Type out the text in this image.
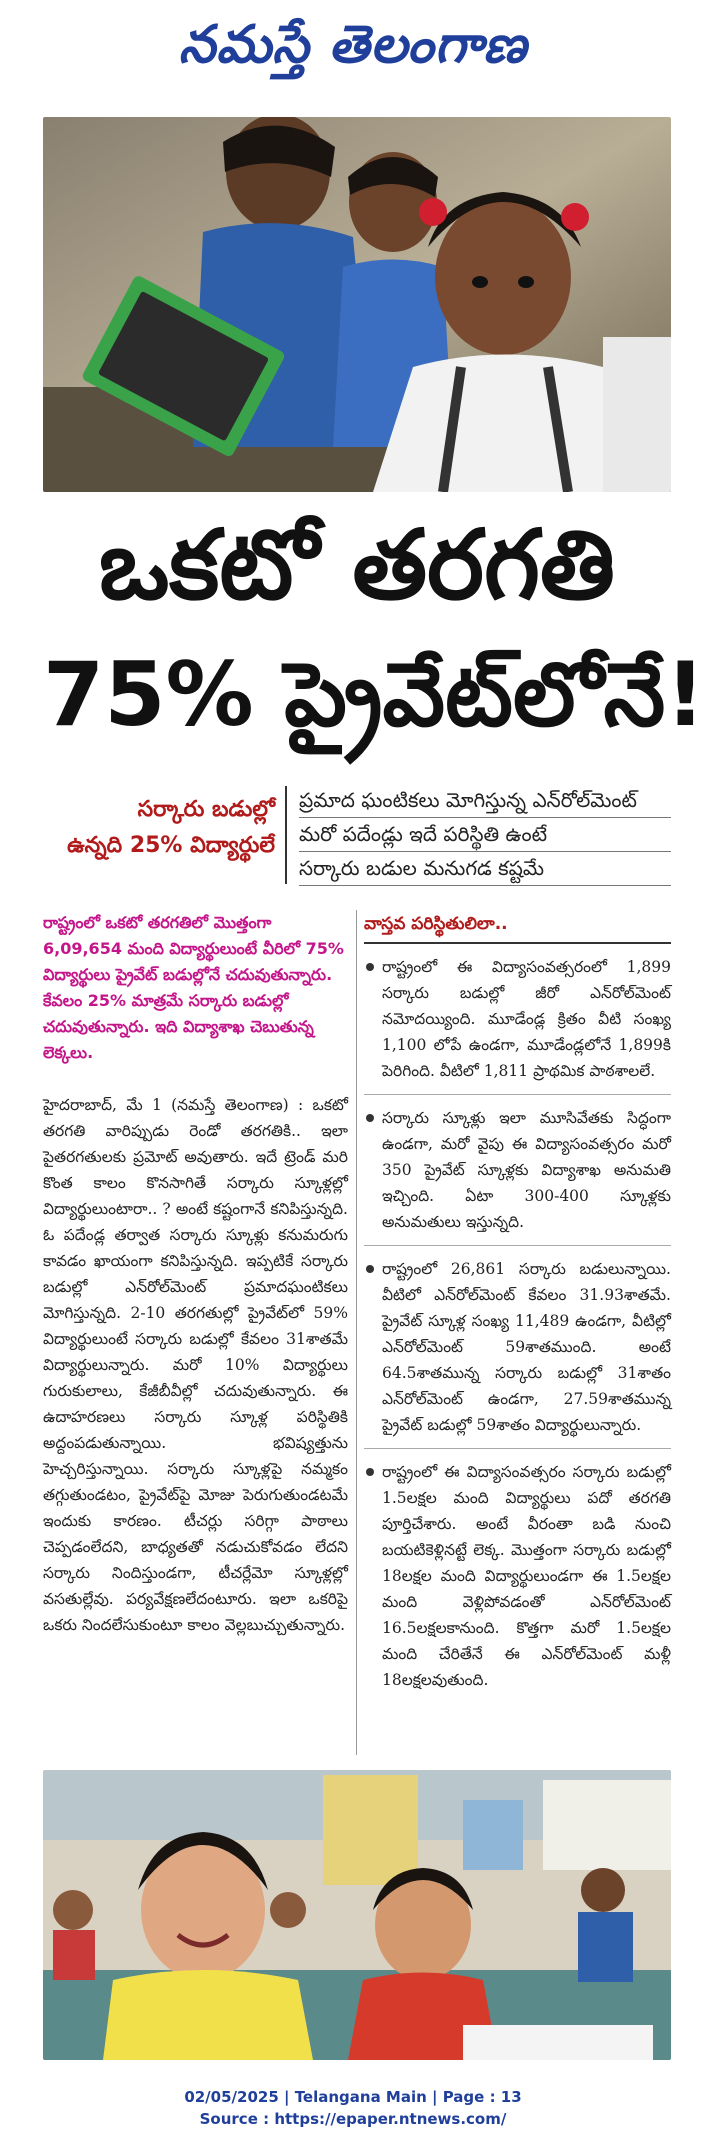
నమస్తే తెలంగాణ
ఒకటో తరగతి
75% ప్రైవేట్‌లోనే!
సర్కారు బడుల్లో
ఉన్నది 25% విద్యార్థులే
ప్రమాద ఘంటికలు మోగిస్తున్న ఎన్‌రోల్‌మెంట్
మరో పదేండ్లు ఇదే పరిస్థితి ఉంటే
సర్కారు బడుల మనుగడ కష్టమే
రాష్ట్రంలో ఒకటో తరగతిలో మొత్తంగా 6,09,654 మంది విద్యార్థులుంటే వీరిలో 75% విద్యార్థులు ప్రైవేట్ బడుల్లోనే చదువుతున్నారు. కేవలం 25% మాత్రమే సర్కారు బడుల్లో చదువుతున్నారు. ఇది విద్యాశాఖ చెబుతున్న లెక్కలు.
హైదరాబాద్, మే 1 (నమస్తే తెలంగాణ) : ఒకటో తరగతి వారిప్పుడు రెండో తరగతికి.. ఇలా పైతరగతులకు ప్రమోట్ అవుతారు. ఇదే ట్రెండ్ మరి కొంత కాలం కొనసాగితే సర్కారు స్కూళ్లల్లో విద్యార్థులుంటారా.. ? అంటే కష్టంగానే కనిపిస్తున్నది. ఓ పదేండ్ల తర్వాత సర్కారు స్కూళ్లు కనుమరుగు కావడం ఖాయంగా కనిపిస్తున్నది. ఇప్పటికే సర్కారు బడుల్లో ఎన్‌రోల్‌మెంట్ ప్రమాదఘంటికలు మోగిస్తున్నది. 2-10 తరగతుల్లో ప్రైవేట్‌లో 59% విద్యార్థులుంటే సర్కారు బడుల్లో కేవలం 31శాతమే విద్యార్థులున్నారు. మరో 10% విద్యార్థులు గురుకులాలు, కేజీబీవీల్లో చదువుతున్నారు. ఈ ఉదాహరణలు సర్కారు స్కూళ్ల పరిస్థితికి అద్దంపడుతున్నాయి. భవిష్యత్తును హెచ్చరిస్తున్నాయి. సర్కారు స్కూళ్లపై నమ్మకం తగ్గుతుండటం, ప్రైవేట్‌పై మోజు పెరుగుతుండటమే ఇందుకు కారణం. టీచర్లు సరిగ్గా పాఠాలు చెప్పడంలేదని, బాధ్యతతో నడుచుకోవడం లేదని సర్కారు నిందిస్తుండగా, టీచర్లేమో స్కూళ్లల్లో వసతుల్లేవు. పర్యవేక్షణలేదంటూరు. ఇలా ఒకరిపై ఒకరు నిందలేసుకుంటూ కాలం వెల్లబుచ్చుతున్నారు.
వాస్తవ పరిస్థితులిలా..
రాష్ట్రంలో ఈ విద్యాసంవత్సరంలో 1,899 సర్కారు బడుల్లో జీరో ఎన్‌రోల్‌మెంట్ నమోదయ్యింది. మూడేండ్ల క్రితం వీటి సంఖ్య 1,100 లోపే ఉండగా, మూడేండ్లలోనే 1,899కి పెరిగింది. వీటిలో 1,811 ప్రాథమిక పాఠశాలలే.
సర్కారు స్కూళ్లు ఇలా మూసివేతకు సిద్ధంగా ఉండగా, మరో వైపు ఈ విద్యాసంవత్సరం మరో 350 ప్రైవేట్ స్కూళ్లకు విద్యాశాఖ అనుమతి ఇచ్చింది. ఏటా 300-400 స్కూళ్లకు అనుమతులు ఇస్తున్నది.
రాష్ట్రంలో 26,861 సర్కారు బడులున్నాయి. వీటిలో ఎన్‌రోల్‌మెంట్ కేవలం 31.93శాతమే. ప్రైవేట్ స్కూళ్ల సంఖ్య 11,489 ఉండగా, వీటిల్లో ఎన్‌రోల్‌మెంట్ 59శాతముంది. అంటే 64.5శాతమున్న సర్కారు బడుల్లో 31శాతం ఎన్‌రోల్‌మెంట్ ఉండగా, 27.59శాతమున్న ప్రైవేట్ బడుల్లో 59శాతం విద్యార్థులున్నారు.
రాష్ట్రంలో ఈ విద్యాసంవత్సరం సర్కారు బడుల్లో 1.5లక్షల మంది విద్యార్థులు పదో తరగతి పూర్తిచేశారు. అంటే వీరంతా బడి నుంచి బయటికెళ్లినట్టే లెక్క. మొత్తంగా సర్కారు బడుల్లో 18లక్షల మంది విద్యార్థులుండగా ఈ 1.5లక్షల మంది వెళ్లిపోవడంతో ఎన్‌రోల్‌మెంట్ 16.5లక్షలకానుంది. కొత్తగా మరో 1.5లక్షల మంది చేరితేనే ఈ ఎన్‌రోల్‌మెంట్ మళ్లీ 18లక్షలవుతుంది.
02/05/2025 | Telangana Main | Page : 13
Source : https://epaper.ntnews.com/
